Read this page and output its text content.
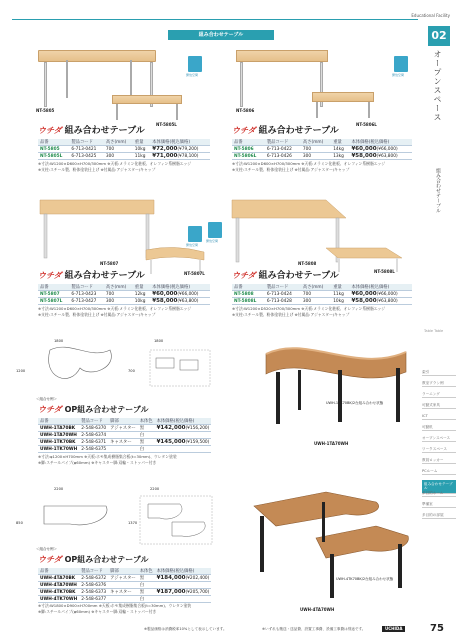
Educational Facility
組み合わせテーブル	02
オープンスペース
組み合わせテーブル
Table Table
索引
教室プラン例
ラーニング
可動式家具
ICT
可動机
オープンスペース
ワークスペース
教員ロッカー
PCルーム
組み合わせテーブル
多目的ホール
準備室
多目的の部屋
NT-5805
NT-5805L
開放空間
ウチダ 組み合わせテーブル
品番	製品コード	高さ(mm)	重量	本体価格(税込価格)
NT-5805	6-713-0421	700	10kg	¥72,000(¥79,200)
NT-5805L	6-713-0425	300	11kg	¥71,000(¥78,100)
※寸法:W1200×D600×H700/300mm ※天板:メラミン化粧板、オレフィン系樹脂エッジ
※支柱:スチール製、粉体塗装仕上げ ※付属品:アジャスター/キャップ
NT-5806
NT-5806L
開放空間
ウチダ 組み合わせテーブル
品番	製品コード	高さ(mm)	重量	本体価格(税込価格)
NT-5806	6-713-0422	700	14kg	¥60,000(¥66,000)
NT-5806L	6-713-0426	300	13kg	¥58,000(¥63,800)
※寸法:W1200×D600×H700/300mm ※天板:メラミン化粧板、オレフィン系樹脂エッジ
※支柱:スチール製、粉体塗装仕上げ ※付属品:アジャスター/キャップ
NT-5807
NT-5807L
開放空間
ウチダ 組み合わせテーブル
品番	製品コード	高さ(mm)	重量	本体価格(税込価格)
NT-5807	6-713-0423	700	12kg	¥60,000(¥66,000)
NT-5807L	6-713-0427	300	10kg	¥58,000(¥63,800)
※寸法:W1200×D600×H700/300mm ※天板:メラミン化粧板、オレフィン系樹脂エッジ
※支柱:スチール製、粉体塗装仕上げ ※付属品:アジャスター/キャップ
NT-5808
NT-5808L
開放空間
ウチダ 組み合わせテーブル
品番	製品コード	高さ(mm)	重量	本体価格(税込価格)
NT-5808	6-713-0424	700	11kg	¥60,000(¥66,000)
NT-5808L	6-713-0428	300	10kg	¥58,000(¥63,800)
※寸法:W1200×D520×H700/300mm ※天板:メラミン化粧板、オレフィン系樹脂エッジ
※支柱:スチール製、粉体塗装仕上げ ※付属品:アジャスター/キャップ
1800
1200
1800
700
＜組合せ例＞
ウチダ OP組み合わせテーブル
品番	製品コード	脚部	本体色	本体価格(税込価格)
UWH-1TA70BK	2-548-6370	アジャスター	黒	¥142,000(¥156,200)
UWH-1TA70WH	2-548-6374		白	
UWH-1TK70BK	2-548-6371	キャスター	黒	¥145,000(¥159,500)
UWH-1TK70WH	2-548-6375		白	
※寸法:φ1200×H700mm ※天板:ホモ集成樹脂集合板(t=30mm)、ウレタン塗装
※脚:スチールパイプ(φ60mm) ※キャスター脚:双輪・ストッパー付き
UWH-1TK70BK/2台組み合わせ状態
UWH-1TA70WH
2200
850
2200
1370
＜組合せ例＞
ウチダ OP組み合わせテーブル
品番	製品コード	脚部	本体色	本体価格(税込価格)
UWH-4TA70BK	2-548-6372	アジャスター	黒	¥184,000(¥202,400)
UWH-4TA70WH	2-548-6376		白	
UWH-4TK70BK	2-548-6373	キャスター	黒	¥187,000(¥205,700)
UWH-4TK70WH	2-548-6377		白	
※寸法:W1800×D900×H700mm ※天板:ホモ集成樹脂集合板(t=30mm)、ウレタン塗装
※脚:スチールパイプ(φ60mm) ※キャスター脚:双輪・ストッパー付き
UWH-4TK70BK/2台組み合わせ状態
UWH-4TA70WH
※製品価格は消費税率10%として表示しています。	※いずれも搬送・送品費、設置工事費、設備工事費は別途です。	UCHIDA	75
